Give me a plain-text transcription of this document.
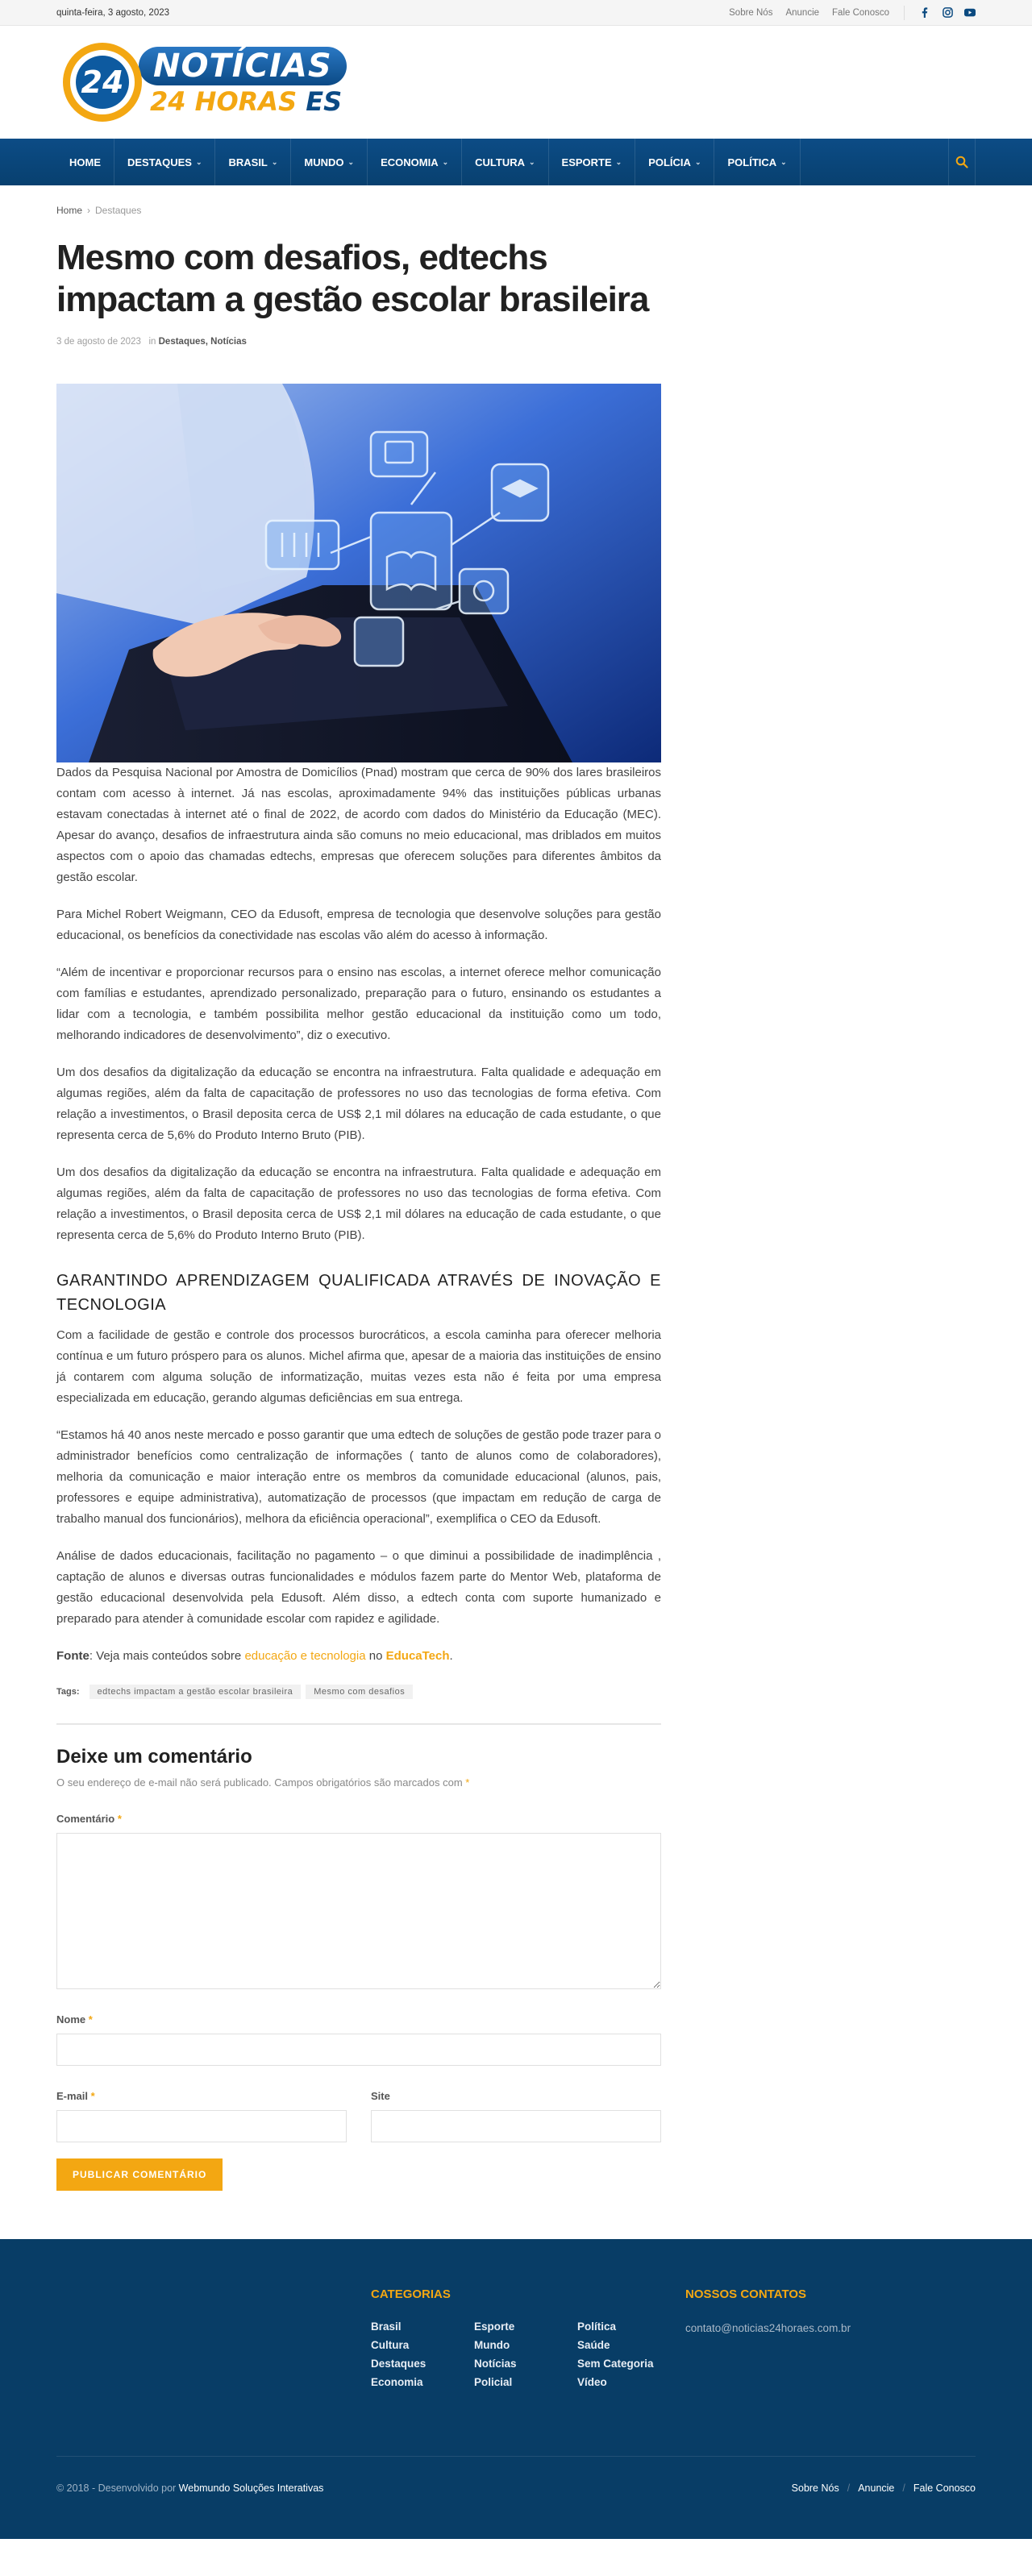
quinta-feira, 3 agosto, 2023	Sobre Nós Anuncie Fale Conosco
24 NOTÍCIAS
24 HORAS ES
HOME	DESTAQUES ⌄	BRASIL ⌄	MUNDO ⌄	ECONOMIA ⌄	CULTURA ⌄	ESPORTE ⌄	POLÍCIA ⌄	POLÍTICA ⌄
Home › Destaques
Mesmo com desafios, edtechs impactam a gestão escolar brasileira
3 de agosto de 2023 in Destaques, Notícias

Dados da Pesquisa Nacional por Amostra de Domicílios (Pnad) mostram que cerca de 90% dos lares brasileiros contam com acesso à internet. Já nas escolas, aproximadamente 94% das instituições públicas urbanas estavam conectadas à internet até o final de 2022, de acordo com dados do Ministério da Educação (MEC). Apesar do avanço, desafios de infraestrutura ainda são comuns no meio educacional, mas driblados em muitos aspectos com o apoio das chamadas edtechs, empresas que oferecem soluções para diferentes âmbitos da gestão escolar.

Para Michel Robert Weigmann, CEO da Edusoft, empresa de tecnologia que desenvolve soluções para gestão educacional, os benefícios da conectividade nas escolas vão além do acesso à informação.

“Além de incentivar e proporcionar recursos para o ensino nas escolas, a internet oferece melhor comunicação com famílias e estudantes, aprendizado personalizado, preparação para o futuro, ensinando os estudantes a lidar com a tecnologia, e também possibilita melhor gestão educacional da instituição como um todo, melhorando indicadores de desenvolvimento”, diz o executivo.

Um dos desafios da digitalização da educação se encontra na infraestrutura. Falta qualidade e adequação em algumas regiões, além da falta de capacitação de professores no uso das tecnologias de forma efetiva. Com relação a investimentos, o Brasil deposita cerca de US$ 2,1 mil dólares na educação de cada estudante, o que representa cerca de 5,6% do Produto Interno Bruto (PIB).

Um dos desafios da digitalização da educação se encontra na infraestrutura. Falta qualidade e adequação em algumas regiões, além da falta de capacitação de professores no uso das tecnologias de forma efetiva. Com relação a investimentos, o Brasil deposita cerca de US$ 2,1 mil dólares na educação de cada estudante, o que representa cerca de 5,6% do Produto Interno Bruto (PIB).

GARANTINDO APRENDIZAGEM QUALIFICADA ATRAVÉS DE INOVAÇÃO E TECNOLOGIA

Com a facilidade de gestão e controle dos processos burocráticos, a escola caminha para oferecer melhoria contínua e um futuro próspero para os alunos. Michel afirma que, apesar de a maioria das instituições de ensino já contarem com alguma solução de informatização, muitas vezes esta não é feita por uma empresa especializada em educação, gerando algumas deficiências em sua entrega.

“Estamos há 40 anos neste mercado e posso garantir que uma edtech de soluções de gestão pode trazer para o administrador benefícios como centralização de informações ( tanto de alunos como de colaboradores), melhoria da comunicação e maior interação entre os membros da comunidade educacional (alunos, pais, professores e equipe administrativa), automatização de processos (que impactam em redução de carga de trabalho manual dos funcionários), melhora da eficiência operacional”, exemplifica o CEO da Edusoft.

Análise de dados educacionais, facilitação no pagamento – o que diminui a possibilidade de inadimplência , captação de alunos e diversas outras funcionalidades e módulos fazem parte do Mentor Web, plataforma de gestão educacional desenvolvida pela Edusoft. Além disso, a edtech conta com suporte humanizado e preparado para atender à comunidade escolar com rapidez e agilidade.

Fonte: Veja mais conteúdos sobre educação e tecnologia no EducaTech.

Tags:	edtechs impactam a gestão escolar brasileira	Mesmo com desafios
Deixe um comentário
O seu endereço de e-mail não será publicado. Campos obrigatórios são marcados com *
Comentário *
Nome *
E-mail *	Site
PUBLICAR COMENTÁRIO
CATEGORIAS
Brasil	Esporte	Política
Cultura	Mundo	Saúde
Destaques	Notícias	Sem Categoria
Economia	Policial	Vídeo
NOSSOS CONTATOS
contato@noticias24horaes.com.br
© 2018 - Desenvolvido por Webmundo Soluções Interativas	Sobre Nós / Anuncie / Fale Conosco
